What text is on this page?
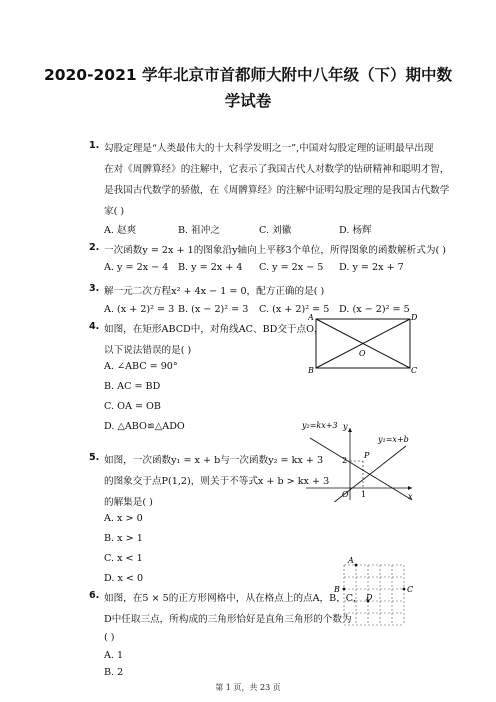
2020-2021 学年北京市首都师大附中八年级（下）期中数
学试卷
1. 勾股定理是“人类最伟大的十大科学发明之一”,中国对勾股定理的证明最早出现
在对《周髀算经》的注解中，它表示了我国古代人对数学的钻研精神和聪明才智，
是我国古代数学的骄傲，在《周髀算经》的注解中证明勾股定理的是我国古代数学
家( )
A. 赵爽	B. 祖冲之	C. 刘徽	D. 杨辉
2. 一次函数y = 2x + 1的图象沿y轴向上平移3个单位，所得图象的函数解析式为( )
A. y = 2x − 4 B. y = 2x + 4 C. y = 2x − 5 D. y = 2x + 7
3. 解一元二次方程x² + 4x − 1 = 0，配方正确的是( )
A. (x + 2)² = 3 B. (x − 2)² = 3 C. (x + 2)² = 5 D. (x − 2)² = 5
4. 如图，在矩形ABCD中，对角线AC、BD交于点O，
以下说法错误的是( )
A. ∠ABC = 90°
B. AC = BD
C. OA = OB
D. △ABO≌△ADO
A	D
B	C
O
5. 如图，一次函数y₁ = x + b与一次函数y₂ = kx + 3
的图象交于点P(1,2)，则关于不等式x + b > kx + 3
的解集是( )
A. x > 0
B. x > 1
C. x < 1
D. x < 0
y₂=kx+3
y₁=x+b
y
x
P
2
1
O
6. 如图，在5 × 5的正方形网格中，从在格点上的点A，B，C，
D中任取三点，所构成的三角形恰好是直角三角形的个数为
( )
A. 1
B. 2
A
B	C
D
第 1 页，共 23 页
